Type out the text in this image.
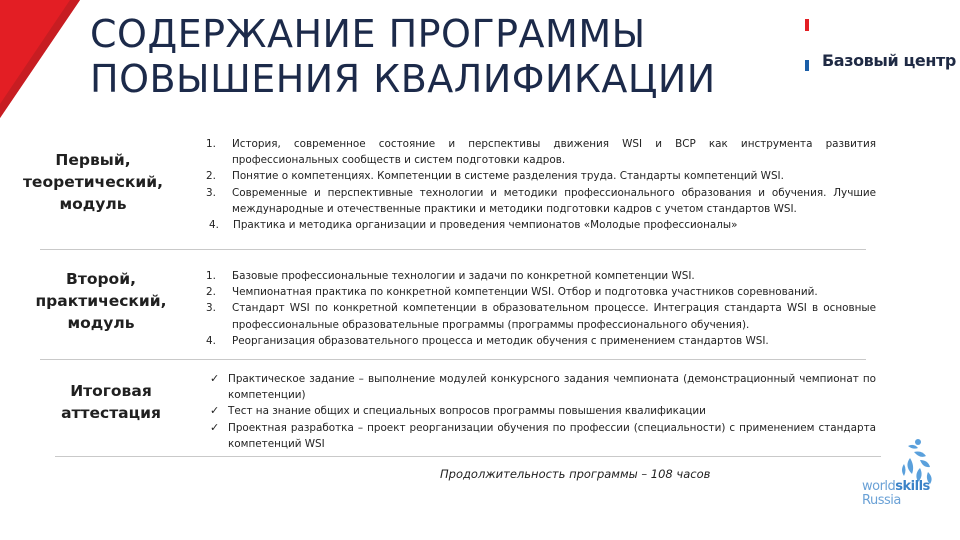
СОДЕРЖАНИЕ ПРОГРАММЫ
ПОВЫШЕНИЯ КВАЛИФИКАЦИИ	Базовый центр
Первый,
теоретический,
модуль

1. История, современное состояние и перспективы движения WSI и ВСР как инструмента развития профессиональных сообществ и систем подготовки кадров.

2. Понятие о компетенциях. Компетенции в системе разделения труда. Стандарты компетенций WSI.

3. Современные и перспективные технологии и методики профессионального образования и обучения. Лучшие международные и отечественные практики и методики подготовки кадров с учетом стандартов WSI.

4. Практика и методика организации и проведения чемпионатов «Молодые профессионалы»

Второй,
практический,
модуль

1. Базовые профессиональные технологии и задачи по конкретной компетенции WSI.

2. Чемпионатная практика по конкретной компетенции WSI. Отбор и подготовка участников соревнований.

3. Стандарт WSI по конкретной компетенции в образовательном процессе. Интеграция стандарта WSI в основные профессиональные образовательные программы (программы профессионального обучения).

4. Реорганизация образовательного процесса и методик обучения с применением стандартов WSI.

Итоговая
аттестация

✓ Практическое задание – выполнение модулей конкурсного задания чемпионата (демонстрационный чемпионат по компетенции)

✓ Тест на знание общих и специальных вопросов программы повышения квалификации

✓ Проектная разработка – проект реорганизации обучения по профессии (специальности) с применением стандарта компетенций WSI

Продолжительность программы – 108 часов
worldskills
Russia
